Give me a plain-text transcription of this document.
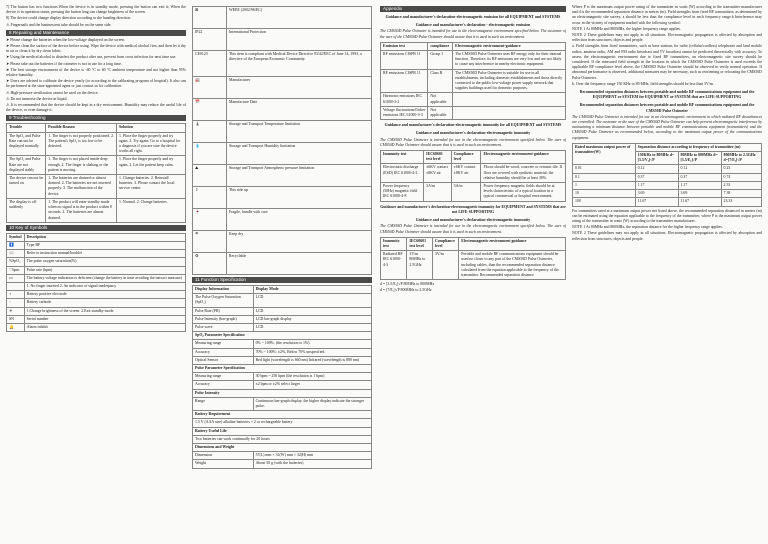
7) The button has two functions.When the device is in standby mode, pressing the button can exit it; When the device is in operation status, pressing the button long can change brightness of the screen.

8) The device could change display direction according to the handing direction.

⚠ Fingernails and the luminescent tube should be on the same side.

8 Repairing and Maintenance

➤ Please change the batteries when the low-voltage displayed on the screen.

➤ Please clean the surface of the device before using. Wipe the device with medical alcohol first, and then let it dry in air or clean it by dry clean fabric.

➤ Using the medical alcohol to disinfect the product after use, prevent from cross infection for next time use.

➤ Please take out the batteries if the oximeter is not in use for a long time.

➤ The best storage environment of the device is -40 °C to 60 °C ambient temperature and not higher than 95% relative humidity.

➤ Users are advised to calibrate the device yearly (or according to the calibrating program of hospital). It also can be performed at the state-appointed agent or just contact us for calibration.

⚠ High-pressure sterilization cannot be used on the device.

⚠ Do not immerse the device in liquid.

⚠ It is recommended that the device should be kept in a dry environment. Humidity may reduce the useful life of the device, or even damage it.

9 Troubleshooting
Trouble	Possible Reason	Solution
The SpO₂ and Pulse Rate can not be displayed normally	1. The finger is not properly positioned. 2. The patient's SpO₂ is too low to be detected.	1. Place the finger properly and try again. 2. Try again; Go to a hospital for a diagnosis if you are sure the device works all right.
The SpO₂ and Pulse Rate are not displayed stably	1. The finger is not placed inside deep enough. 2. The finger is shaking or the patient is moving.	1. Place the finger properly and try again. 2. Let the patient keep calm.
The device can not be turned on	1. The batteries are drained or almost drained. 2. The batteries are not inserted properly. 3. The malfunction of the device.	1. Change batteries. 2. Reinstall batteries. 3. Please contact the local service center.
The display is off suddenly	1. The product will enter standby mode when no signal is in the product within 8 seconds. 2. The batteries are almost drained.	1. Normal. 2. Change batteries.
10 Key of Symbols
Symbol	Description
🚹	Type BF
📖	Refer to instruction manual/booklet
%SpO₂	The pulse oxygen saturation(%)
♡bpm	Pulse rate (bpm)
▭	The battery voltage indication is deficient (change the battery in time avoiding the inexact measure)
	1. No finger inserted 2. An indicator of signal inadequacy
+	Battery positive electrode
−	Battery cathode
☀	1.Change brightness of the screen. 2.Exit standby mode.
SN	Serial number
🔔	Alarm inhibit
⊠	WEEE (2002/96/EC)
IP22	International Protection
CE0123	This item is compliant with Medical Device Directive 93/42/EEC of June 14, 1993, a directive of the European Economic Community.
🏭	Manufacturer
📅	Manufacture Date
🌡	Storage and Transport Temperature limitation
💧	Storage and Transport Humidity limitation
⛰	Storage and Transport Atmospheric pressure limitation
⇧	This side up
🍷	Fragile, handle with care
☂	Keep dry
♻	Recyclable
11 Function Specification
Display Information	Display Mode
The Pulse Oxygen Saturation (SpO₂)	LCD
Pulse Rate (PR)	LCD
Pulse Intensity (bar-graph)	LCD bar-graph display
Pulse wave	LCD
SpO₂ Parameter Specification	
Measuring range	0% ~ 100%, (the resolution is 1%).
Accuracy	70% ~ 100%: ±2%, Below 70% unspecified.
Optical Sensor	Red light (wavelength is 660 nm) Infrared (wavelength is 880 nm)
Pulse Parameter Specification	
Measuring range	30 bpm ~ 250 bpm (the resolution is 1 bpm)
Accuracy	±2 bpm or ±2% select larger
Pulse Intensity	
Range	Continuous bar-graph display, the higher display indicate the stronger pulse.
Battery Requirement	
1.5 V (AAA size) alkaline batteries × 2 or rechargeable battery	
Battery Useful Life	
Two batteries can work continually for 20 hours	
Dimensions and Weight	
Dimension	57(L) mm × 31(W) mm × 32(H) mm
Weight	About 50 g (with the batteries)
Appendix
Guidance and manufacturer's declaration-electromagnetic emission for all EQUIPMENT and SYSTEMS
Guidance and manufacturer's declaration - electromagnetic emission

The CMS50D Pulse Oximeter is intended for use in the electromagnetic environment specified below. The customer of the user of the CMS50D Pulse Oximeter should assure that it is used in such an environment.

Emission test	compliance	Electromagnetic environment-guidance
RF emissions CISPR 11	Group 1	The CMS50D Pulse Oximeter uses RF energy only for their internal function. Therefore, its RF emissions are very low and are not likely to cause any interference in nearby electronic equipment.
RF emissions CISPR 11	Class B	The CMS50D Pulse Oximeter is suitable for use in all establishments, including domestic establishments and those directly connected to the public low-voltage power supply network that supplies buildings used for domestic purposes.
Harmonic emissions IEC 61000-3-2	Not applicable	
Voltage fluctuations/flicker emissions IEC 61000-3-3	Not applicable	
Guidance and manufacturer's declaration-electromagnetic immunity for all EQUIPMENT and SYSTEMS
Guidance and manufacturer's declaration-electromagnetic immunity

The CMS50D Pulse Oximeter is intended for use in the electromagnetic environment specified below. The user of CMS50D Pulse Oximeter should assure that it is used in such an environment.

Immunity test	IEC60601 test level	Compliance level	Electromagnetic environment-guidance
Electrostatic discharge (ESD) IEC 61000-4-2	±6KV contact ±8KV air	±6KV contact ±8KV air	Floors should be wood, concrete or ceramic tile. If floor are covered with synthetic material, the relative humidity should be at least 30%.
Power frequency (50Hz) magnetic field IEC 61000-4-8	3A/m	3A/m	Power frequency magnetic fields should be at levels characteristic of a typical location in a typical commercial or hospital environment.
Guidance and manufacturer's declaration-electromagnetic immunity for EQUIPMENT and SYSTEMS that are not LIFE-SUPPORTING
Guidance and manufacturer's declaration-electromagnetic immunity

The CMS50D Pulse Oximeter is intended for use in the electromagnetic environment specified below. The user of CMS50D Pulse Oximeter should assure that it is used in such an environment.

Immunity test	IEC60601 test level	Compliance level	Electromagnetic environment guidance
Radiated RF IEC 61000-4-3	3V/m 80MHz to 2.5GHz	3V/m	Portable and mobile RF communications equipment should be used no closer to any part of the CMS50D Pulse Oximeter, including cables, than the recommended separation distance calculated from the equation applicable to the frequency of the transmitter. Recommended separation distance

d = [3.5/E₁]√P 80MHz to 800MHz

d = [7/E₁]√P 800MHz to 2.5GHz

Where P is the maximum output power rating of the transmitter in watts (W) according to the transmitter manufacturer and d is the recommended separation distance in metres (m). Field strengths from fixed RF transmitters, as determined by an electromagnetic site survey, a should be less than the compliance level in each frequency range.b Interference may occur in the vicinity of equipment marked with the following symbol:

NOTE 1 At 80MHz and 800MHz, the higher frequency range applies.

NOTE 2 These guidelines may not apply in all situations. Electromagnetic propagation is affected by absorption and reflection from structures, objects and people.

a. Field strengths from fixed transmitters, such as base stations for radio (cellular/cordless) telephones and land mobile radios, amateur radio, AM and FM radio broadcast and TV broadcast cannot be predicted theoretically with accuracy. To assess the electromagnetic environment due to fixed RF transmitters, an electromagnetic site survey should be considered. If the measured field strength in the location in which the CMS50D Pulse Oximeter is used exceeds the applicable RF compliance level above, the CMS50D Pulse Oximeter should be observed to verify normal operation. If abnormal performance is observed, additional measures may be necessary, such as reorienting or relocating the CMS50D Pulse Oximeter.

b. Over the frequency range 150 KHz to 80 MHz, field strengths should be less than 3V/m.

Recommended separation distances between portable and mobile RF communications equipment and the EQUIPMENT or SYSTEM for EQUIPMENT or SYSTEM that are LIFE-SUPPORTING
Recommended separation distances between portable and mobile RF communications equipment and the CMS50D Pulse Oximeter

The CMS50D Pulse Oximeter is intended for use in an electromagnetic environment in which radiated RF disturbances are controlled. The customer or the user of the CMS50D Pulse Oximeter can help prevent electromagnetic interference by maintaining a minimum distance between portable and mobile RF communications equipment (transmitters) and the CMS50D Pulse Oximeter as recommended below, according to the maximum output power of the communications equipment.

Rated maximum output power of transmitter(W)	Separation distance according to frequency of transmitter (m)		
	150KHz to 80MHz d=[3.5/V₁]√P	80MHz to 800MHz d=[3.5/E₁]√P	800MHz to 2.5GHz d=[7/E₁]√P
0.01	0.12	0.12	0.23
0.1	0.37	0.37	0.74
1	1.17	1.17	2.33
10	3.69	3.69	7.38
100	11.67	11.67	23.33

For transmitters rated at a maximum output power not listed above, the recommended separation distanced in meters (m) can be estimated using the equation applicable to the frequency of the transmitter, where P is the maximum output power rating of the transmitter in watts (W) according to the transmitter manufacturer.

NOTE 1 At 80MHz and 800MHz, the separation distance for the higher frequency range applies.

NOTE 2 These guidelines may not apply in all situations. Electromagnetic propagation is affected by absorption and reflection from structures, objects and people.
